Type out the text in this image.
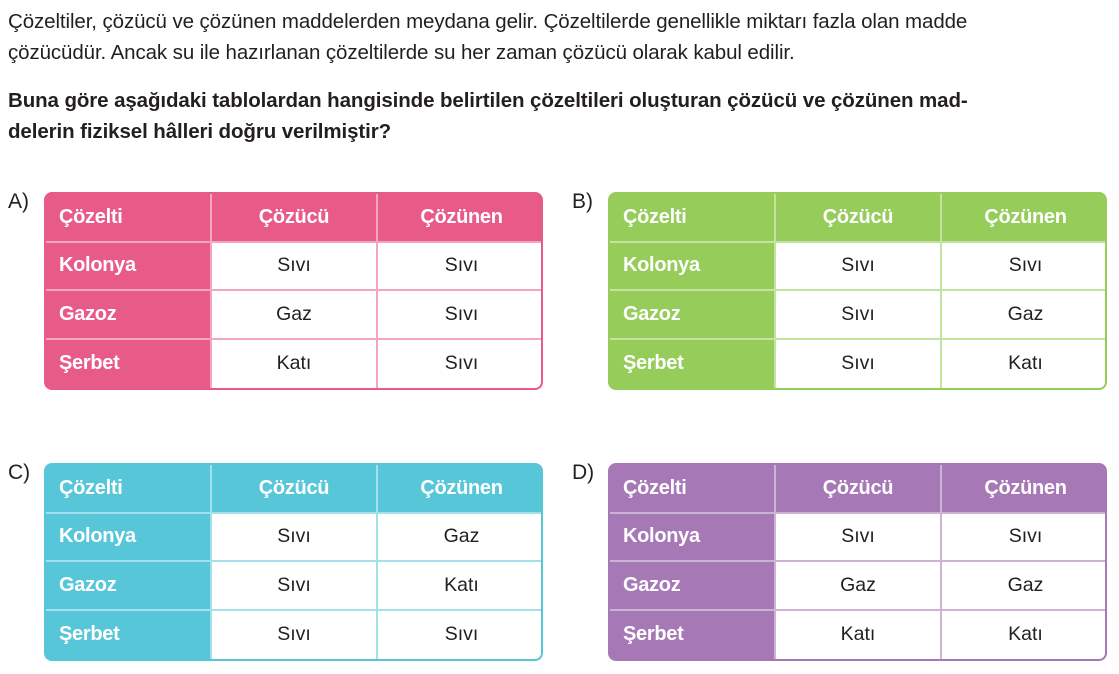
Çözeltiler, çözücü ve çözünen maddelerden meydana gelir. Çözeltilerde genellikle miktarı fazla olan madde
çözücüdür. Ancak su ile hazırlanan çözeltilerde su her zaman çözücü olarak kabul edilir.

Buna göre aşağıdaki tablolardan hangisinde belirtilen çözeltileri oluşturan çözücü ve çözünen mad-
delerin fiziksel hâlleri doğru verilmiştir?

A)
Çözelti	Çözücü	Çözünen
Kolonya	Sıvı	Sıvı
Gazoz	Gaz	Sıvı
Şerbet	Katı	Sıvı
B)
Çözelti	Çözücü	Çözünen
Kolonya	Sıvı	Sıvı
Gazoz	Sıvı	Gaz
Şerbet	Sıvı	Katı
C)
Çözelti	Çözücü	Çözünen
Kolonya	Sıvı	Gaz
Gazoz	Sıvı	Katı
Şerbet	Sıvı	Sıvı
D)
Çözelti	Çözücü	Çözünen
Kolonya	Sıvı	Sıvı
Gazoz	Gaz	Gaz
Şerbet	Katı	Katı
